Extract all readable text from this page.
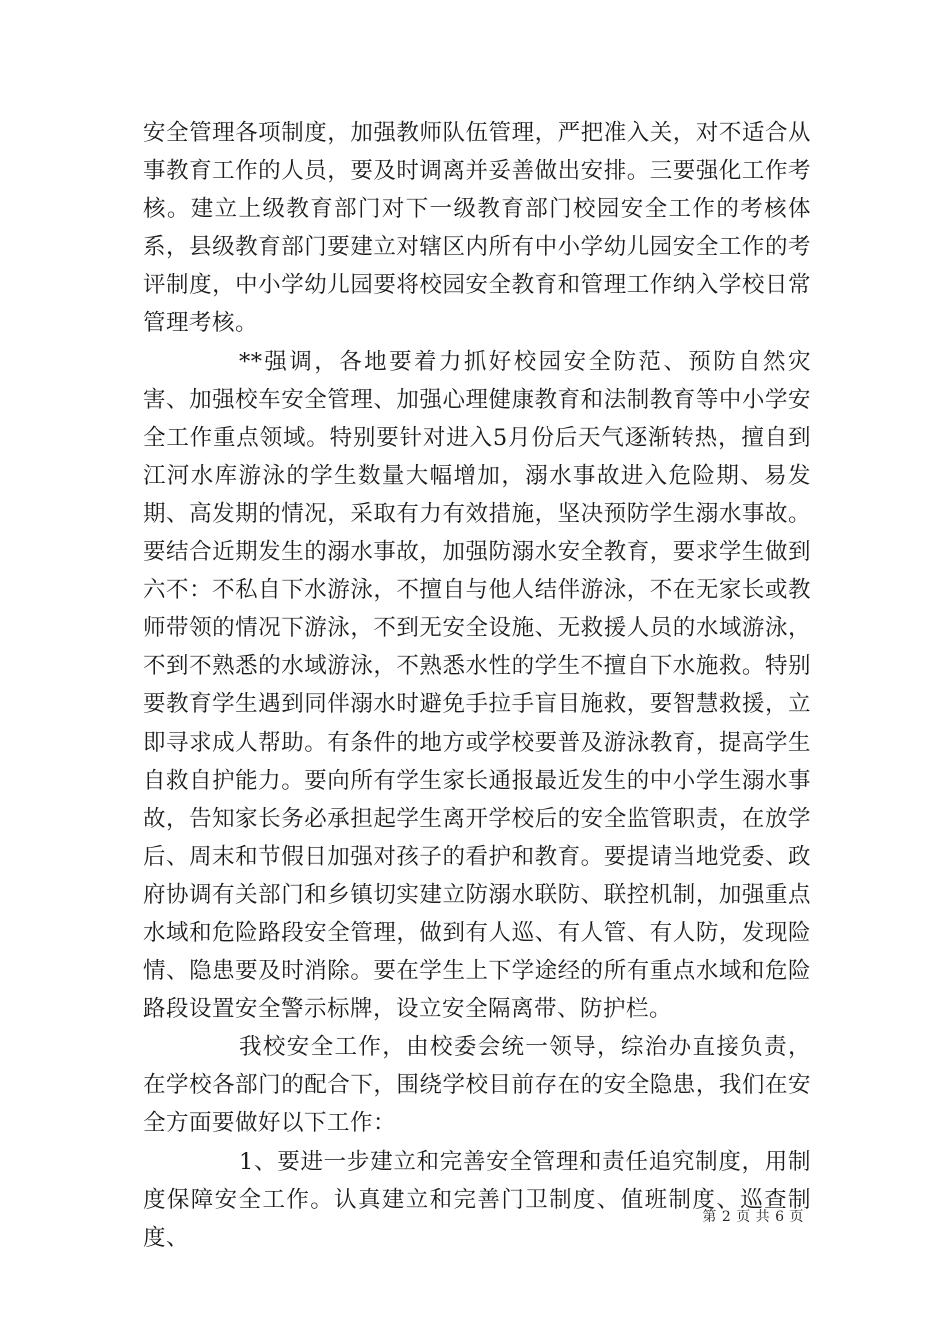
安全管理各项制度，加强教师队伍管理，严把准入关，对不适合从事教育工作的人员，要及时调离并妥善做出安排。三要强化工作考核。建立上级教育部门对下一级教育部门校园安全工作的考核体系，县级教育部门要建立对辖区内所有中小学幼儿园安全工作的考评制度，中小学幼儿园要将校园安全教育和管理工作纳入学校日常管理考核。

**强调，各地要着力抓好校园安全防范、预防自然灾害、加强校车安全管理、加强心理健康教育和法制教育等中小学安全工作重点领域。特别要针对进入5月份后天气逐渐转热，擅自到江河水库游泳的学生数量大幅增加，溺水事故进入危险期、易发期、高发期的情况，采取有力有效措施，坚决预防学生溺水事故。要结合近期发生的溺水事故，加强防溺水安全教育，要求学生做到六不：不私自下水游泳，不擅自与他人结伴游泳，不在无家长或教师带领的情况下游泳，不到无安全设施、无救援人员的水域游泳，不到不熟悉的水域游泳，不熟悉水性的学生不擅自下水施救。特别要教育学生遇到同伴溺水时避免手拉手盲目施救，要智慧救援，立即寻求成人帮助。有条件的地方或学校要普及游泳教育，提高学生自救自护能力。要向所有学生家长通报最近发生的中小学生溺水事故，告知家长务必承担起学生离开学校后的安全监管职责，在放学后、周末和节假日加强对孩子的看护和教育。要提请当地党委、政府协调有关部门和乡镇切实建立防溺水联防、联控机制，加强重点水域和危险路段安全管理，做到有人巡、有人管、有人防，发现险情、隐患要及时消除。要在学生上下学途经的所有重点水域和危险路段设置安全警示标牌，设立安全隔离带、防护栏。

我校安全工作，由校委会统一领导，综治办直接负责，在学校各部门的配合下，围绕学校目前存在的安全隐患，我们在安全方面要做好以下工作：

1、要进一步建立和完善安全管理和责任追究制度，用制度保障安全工作。认真建立和完善门卫制度、值班制度、巡查制度、

第 2 页 共 6 页
